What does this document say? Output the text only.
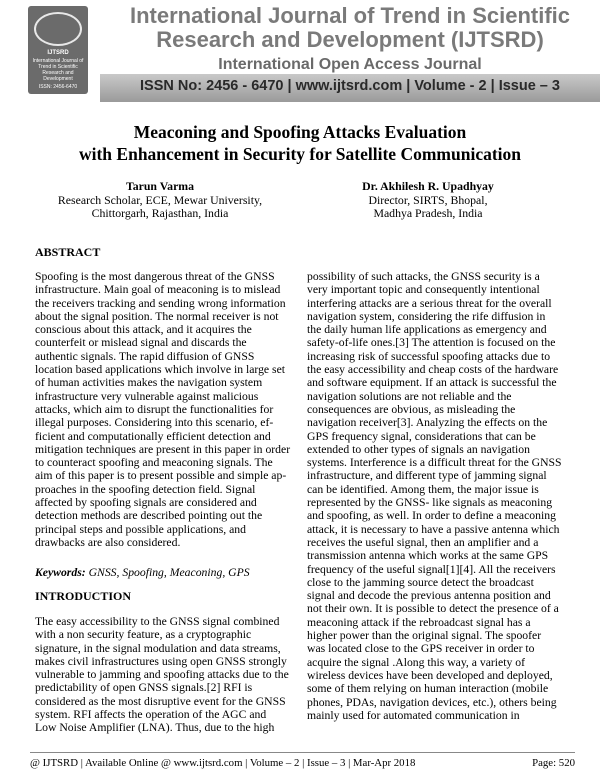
IJTSRD
International Journal of Trend in Scientific Research and Development
ISSN: 2456-6470
International Journal of Trend in Scientific
Research and Development (IJTSRD)
International Open Access Journal
ISSN No: 2456 - 6470 | www.ijtsrd.com | Volume - 2 | Issue – 3
Meaconing and Spoofing Attacks Evaluation
with Enhancement in Security for Satellite Communication
Tarun Varma
Research Scholar, ECE, Mewar University,
Chittorgarh, Rajasthan, India
Dr. Akhilesh R. Upadhyay
Director, SIRTS, Bhopal,
Madhya Pradesh, India
ABSTRACT
Spoofing is the most dangerous threat of the GNSS
infrastructure. Main goal of meaconing is to mislead
the receivers tracking and sending wrong information
about the signal position. The normal receiver is not
conscious about this attack, and it acquires the
counterfeit or mislead signal and discards the
authentic signals. The rapid diffusion of GNSS
location based applications which involve in large set
of human activities makes the navigation system
infrastructure very vulnerable against malicious
attacks, which aim to disrupt the functionalities for
illegal purposes. Considering into this scenario, ef-
ficient and computationally efficient detection and
mitigation techniques are present in this paper in order
to counteract spoofing and meaconing signals. The
aim of this paper is to present possible and simple ap-
proaches in the spoofing detection field. Signal
affected by spoofing signals are considered and
detection methods are described pointing out the
principal steps and possible applications, and
drawbacks are also considered.
Keywords: GNSS, Spoofing, Meaconing, GPS
INTRODUCTION
The easy accessibility to the GNSS signal combined
with a non security feature, as a cryptographic
signature, in the signal modulation and data streams,
makes civil infrastructures using open GNSS strongly
vulnerable to jamming and spoofing attacks due to the
predictability of open GNSS signals.[2] RFI is
considered as the most disruptive event for the GNSS
system. RFI affects the operation of the AGC and
Low Noise Amplifier (LNA). Thus, due to the high
possibility of such attacks, the GNSS security is a
very important topic and consequently intentional
interfering attacks are a serious threat for the overall
navigation system, considering the rife diffusion in
the daily human life applications as emergency and
safety-of-life ones.[3] The attention is focused on the
increasing risk of successful spoofing attacks due to
the easy accessibility and cheap costs of the hardware
and software equipment. If an attack is successful the
navigation solutions are not reliable and the
consequences are obvious, as misleading the
navigation receiver[3]. Analyzing the effects on the
GPS frequency signal, considerations that can be
extended to other types of signals an navigation
systems. Interference is a difficult threat for the GNSS
infrastructure, and different type of jamming signal
can be identified. Among them, the major issue is
represented by the GNSS- like signals as meaconing
and spoofing, as well. In order to define a meaconing
attack, it is necessary to have a passive antenna which
receives the useful signal, then an amplifier and a
transmission antenna which works at the same GPS
frequency of the useful signal[1][4]. All the receivers
close to the jamming source detect the broadcast
signal and decode the previous antenna position and
not their own. It is possible to detect the presence of a
meaconing attack if the rebroadcast signal has a
higher power than the original signal. The spoofer
was located close to the GPS receiver in order to
acquire the signal .Along this way, a variety of
wireless devices have been developed and deployed,
some of them relying on human interaction (mobile
phones, PDAs, navigation devices, etc.), others being
mainly used for automated communication in
@ IJTSRD | Available Online @ www.ijtsrd.com | Volume – 2 | Issue – 3 | Mar-Apr 2018	Page: 520
